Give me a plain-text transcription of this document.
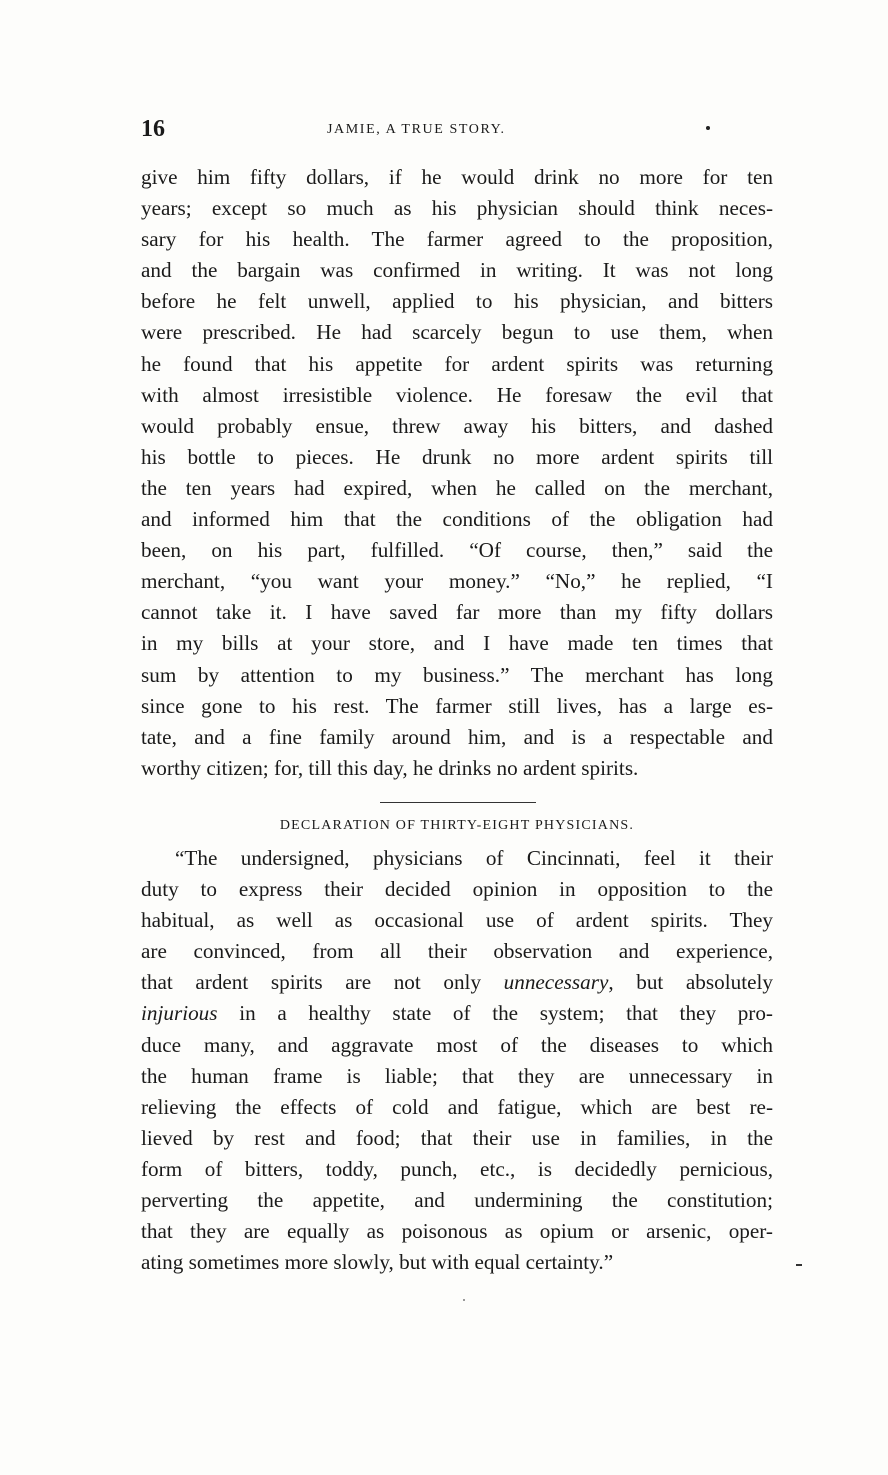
16	JAMIE, A TRUE STORY.
give him fifty dollars, if he would drink no more for ten
years; except so much as his physician should think neces-
sary for his health. The farmer agreed to the proposition,
and the bargain was confirmed in writing. It was not long
before he felt unwell, applied to his physician, and bitters
were prescribed. He had scarcely begun to use them, when
he found that his appetite for ardent spirits was returning
with almost irresistible violence. He foresaw the evil that
would probably ensue, threw away his bitters, and dashed
his bottle to pieces. He drunk no more ardent spirits till
the ten years had expired, when he called on the merchant,
and informed him that the conditions of the obligation had
been, on his part, fulfilled. “Of course, then,” said the
merchant, “you want your money.” “No,” he replied, “I
cannot take it. I have saved far more than my fifty dollars
in my bills at your store, and I have made ten times that
sum by attention to my business.” The merchant has long
since gone to his rest. The farmer still lives, has a large es-
tate, and a fine family around him, and is a respectable and
worthy citizen; for, till this day, he drinks no ardent spirits.
DECLARATION OF THIRTY-EIGHT PHYSICIANS.
“The undersigned, physicians of Cincinnati, feel it their
duty to express their decided opinion in opposition to the
habitual, as well as occasional use of ardent spirits. They
are convinced, from all their observation and experience,
that ardent spirits are not only unnecessary, but absolutely
injurious in a healthy state of the system; that they pro-
duce many, and aggravate most of the diseases to which
the human frame is liable; that they are unnecessary in
relieving the effects of cold and fatigue, which are best re-
lieved by rest and food; that their use in families, in the
form of bitters, toddy, punch, etc., is decidedly pernicious,
perverting the appetite, and undermining the constitution;
that they are equally as poisonous as opium or arsenic, oper-
ating sometimes more slowly, but with equal certainty.”
